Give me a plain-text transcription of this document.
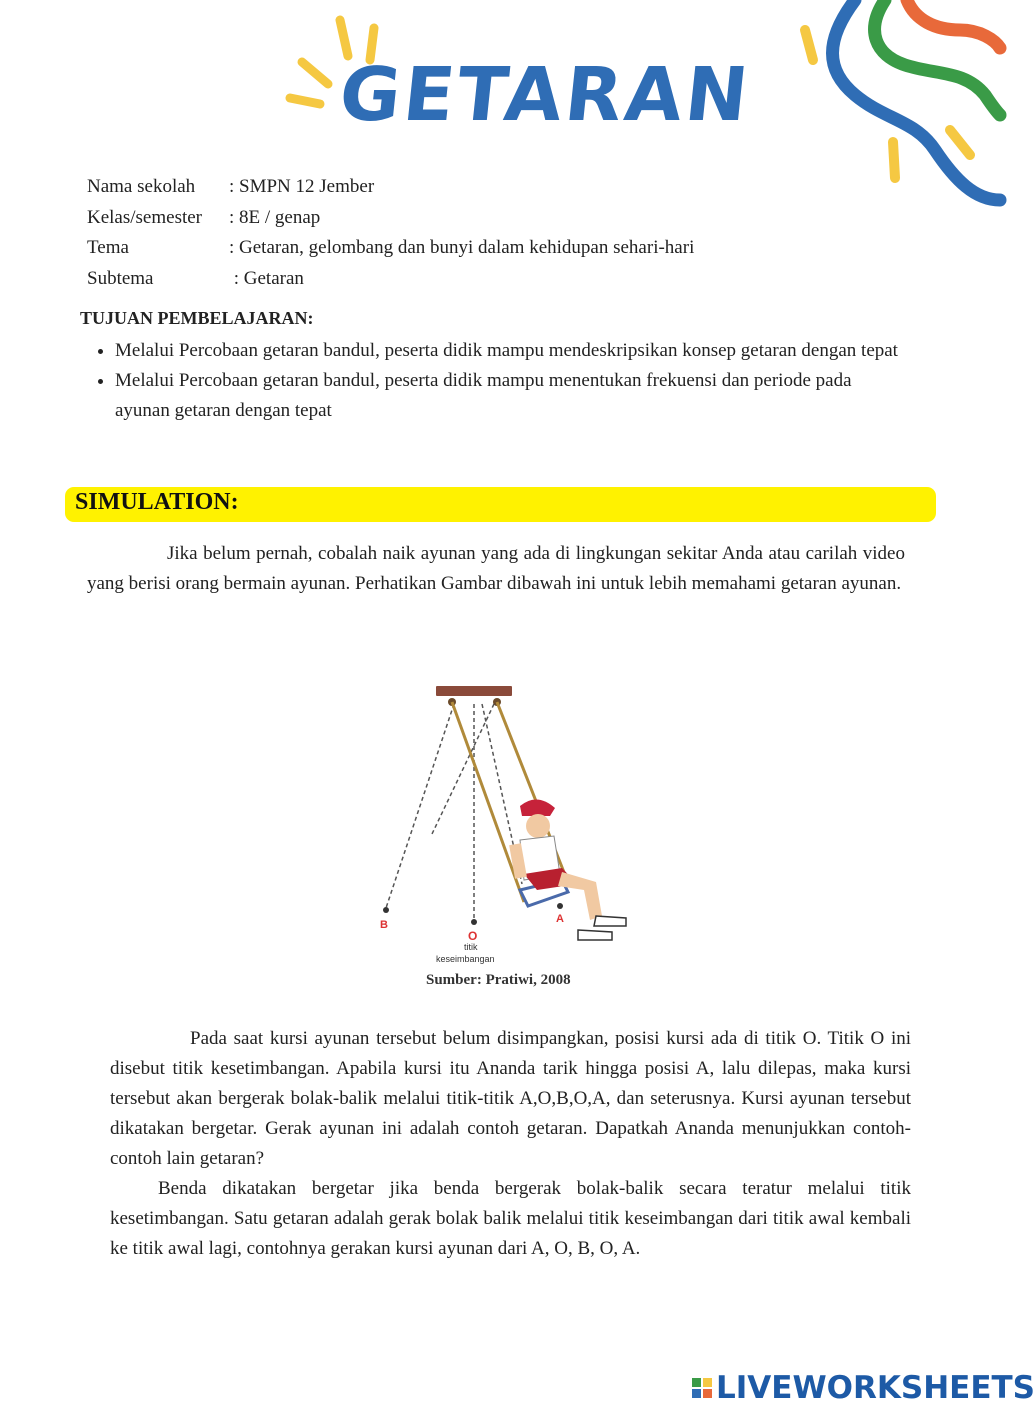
GETARAN
Nama sekolah	: SMPN 12 Jember
Kelas/semester	: 8E / genap
Tema	: Getaran, gelombang dan bunyi dalam kehidupan sehari-hari
Subtema	: Getaran
TUJUAN PEMBELAJARAN:
Melalui Percobaan getaran bandul, peserta didik mampu mendeskripsikan konsep getaran dengan tepat
Melalui Percobaan getaran bandul, peserta didik mampu menentukan frekuensi dan periode pada ayunan getaran dengan tepat
SIMULATION:

Jika belum pernah, cobalah naik ayunan yang ada di lingkungan sekitar Anda atau carilah video yang berisi orang bermain ayunan. Perhatikan Gambar dibawah ini untuk lebih memahami getaran ayunan.

B
O
titik
keseimbangan
A
Sumber: Pratiwi, 2008

Pada saat kursi ayunan tersebut belum disimpangkan, posisi kursi ada di titik O. Titik O ini disebut titik kesetimbangan. Apabila kursi itu Ananda tarik hingga posisi A, lalu dilepas, maka kursi tersebut akan bergerak bolak-balik melalui titik-titik A,O,B,O,A, dan seterusnya. Kursi ayunan tersebut dikatakan bergetar. Gerak ayunan ini adalah contoh getaran. Dapatkah Ananda menunjukkan contoh-contoh lain getaran?

Benda dikatakan bergetar jika benda bergerak bolak-balik secara teratur melalui titik kesetimbangan. Satu getaran adalah gerak bolak balik melalui titik keseimbangan dari titik awal kembali ke titik awal lagi, contohnya gerakan kursi ayunan dari A, O, B, O, A.

LIVEWORKSHEETS
